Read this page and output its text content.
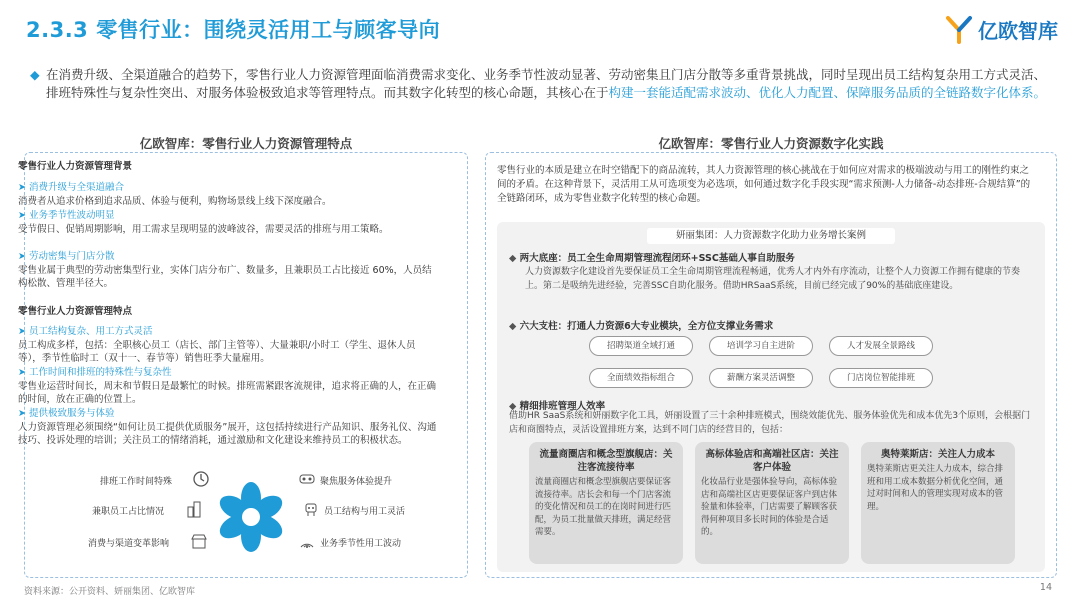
2.3.3 零售行业：围绕灵活用工与顾客导向	亿欧智库
◆ 在消费升级、全渠道融合的趋势下，零售行业人力资源管理面临消费需求变化、业务季节性波动显著、劳动密集且门店分散等多重背景挑战，同时呈现出员工结构复杂用工方式灵活、排班特殊性与复杂性突出、对服务体验极致追求等管理特点。而其数字化转型的核心命题，其核心在于构建一套能适配需求波动、优化人力配置、保障服务品质的全链路数字化体系。
亿欧智库：零售行业人力资源管理特点	亿欧智库：零售行业人力资源数字化实践
零售行业人力资源管理背景
➤ 消费升级与全渠道融合
消费者从追求价格到追求品质、体验与便利，购物场景线上线下深度融合。
➤ 业务季节性波动明显
受节假日、促销周期影响，用工需求呈现明显的波峰波谷，需要灵活的排班与用工策略。
➤ 劳动密集与门店分散
零售业属于典型的劳动密集型行业，实体门店分布广、数量多，且兼职员工占比接近 60%，人员结构松散、管理半径大。
零售行业人力资源管理特点
➤ 员工结构复杂、用工方式灵活
员工构成多样，包括：全职核心员工（店长、部门主管等）、大量兼职/小时工（学生、退休人员等），季节性临时工（双十一、春节等）销售旺季大量雇用。
➤ 工作时间和排班的特殊性与复杂性
零售业运营时间长，周末和节假日是最繁忙的时候。排班需紧跟客流规律，追求将正确的人，在正确的时间，放在正确的位置上。
➤ 提供极致服务与体验
人力资源管理必须围绕“如何让员工提供优质服务”展开，这包括持续进行产品知识、服务礼仪、沟通技巧、投诉处理的培训；关注员工的情绪消耗，通过激励和文化建设来维持员工的积极状态。
排班工作时间特殊
兼职员工占比情况
消费与渠道变革影响
聚焦服务体验提升
员工结构与用工灵活
业务季节性用工波动
零售行业的本质是建立在时空错配下的商品流转，其人力资源管理的核心挑战在于如何应对需求的极端波动与用工的刚性约束之间的矛盾。在这种背景下，灵活用工从可选项变为必选项，如何通过数字化手段实现“需求预测-人力储备-动态排班-合规结算”的全链路闭环，成为零售业数字化转型的核心命题。
妍丽集团：人力资源数字化助力业务增长案例
◆ 两大底座：员工全生命周期管理流程闭环+SSC基础人事自助服务
人力资源数字化建设首先要保证员工全生命周期管理流程畅通，优秀人才内外有序流动，让整个人力资源工作拥有健康的节奏上。第二是吸纳先进经验，完善SSC自助化服务。借助HRSaaS系统，目前已经完成了90%的基础底座建设。
◆ 六大支柱：打通人力资源6大专业模块，全方位支撑业务需求
招聘渠道全域打通	培训学习自主进阶	人才发展全景路线
全面绩效指标组合	薪酬方案灵活调整	门店岗位智能排班
◆ 精细排班管理人效率
借助HR SaaS系统和妍丽数字化工具，妍丽设置了三十余种排班模式，围绕效能优先、服务体验优先和成本优先3个原则，会根据门店和商圈特点，灵活设置排班方案，达到不同门店的经营目的，包括：
流量商圈店和概念型旗舰店：关注客流接待率
流量商圈店和概念型旗舰店要保证客流接待率。店长会和每一个门店客流的变化情况和员工的在岗时间进行匹配，为员工批量做天排班，满足经营需要。
高标体验店和高端社区店：关注客户体验
化妆品行业是强体验导向，高标体验店和高端社区店更要保证客户到店体验量和体验率，门店需要了解顾客获得何种项目多长时间的体验是合适的。
奥特莱斯店：关注人力成本
奥特莱斯店更关注人力成本，综合排班和用工成本数据分析优化空间，通过对时间和人的管理实现对成本的管理。
资料来源：公开资料、妍丽集团、亿欧智库	14
